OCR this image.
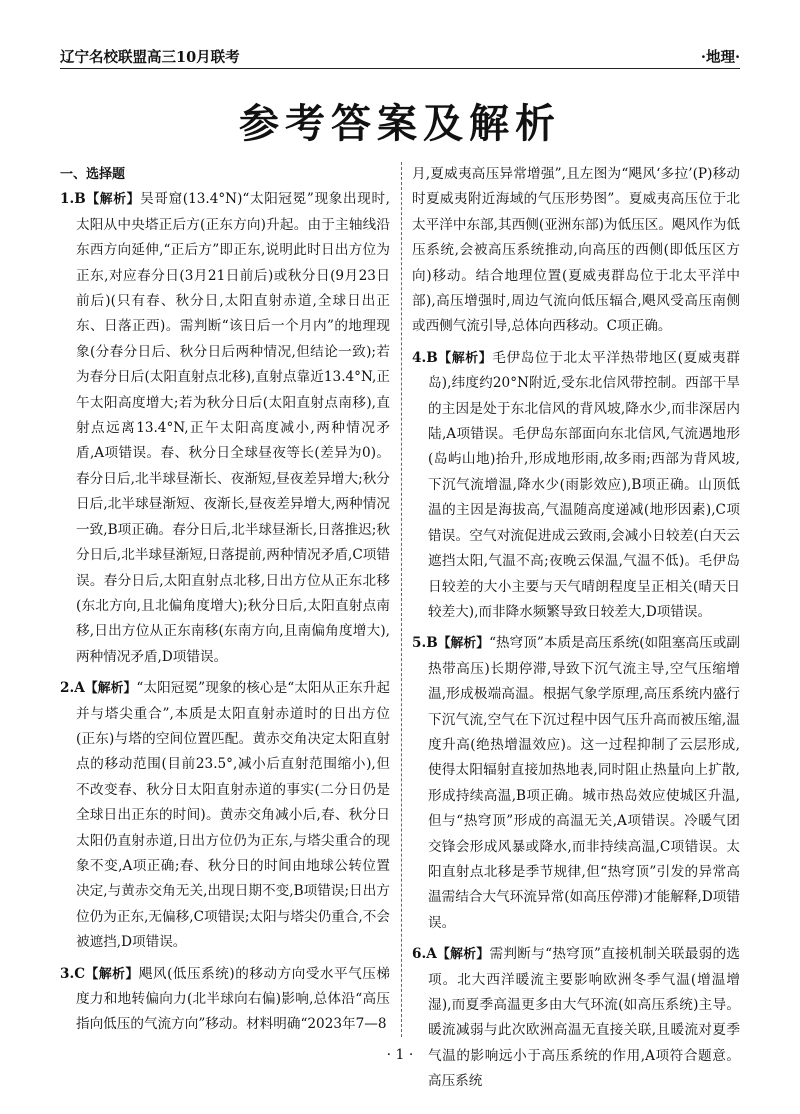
辽宁名校联盟高三10月联考	·地理·
参考答案及解析
一、选择题

1.B【解析】吴哥窟(13.4°N)“太阳冠冕”现象出现时,太阳从中央塔正后方(正东方向)升起。由于主轴线沿东西方向延伸,“正后方”即正东,说明此时日出方位为正东,对应春分日(3月21日前后)或秋分日(9月23日前后)(只有春、秋分日,太阳直射赤道,全球日出正东、日落正西)。需判断“该日后一个月内”的地理现象(分春分日后、秋分日后两种情况,但结论一致);若为春分日后(太阳直射点北移),直射点靠近13.4°N,正午太阳高度增大;若为秋分日后(太阳直射点南移),直射点远离13.4°N,正午太阳高度减小,两种情况矛盾,A项错误。春、秋分日全球昼夜等长(差异为0)。春分日后,北半球昼渐长、夜渐短,昼夜差异增大;秋分日后,北半球昼渐短、夜渐长,昼夜差异增大,两种情况一致,B项正确。春分日后,北半球昼渐长,日落推迟;秋分日后,北半球昼渐短,日落提前,两种情况矛盾,C项错误。春分日后,太阳直射点北移,日出方位从正东北移(东北方向,且北偏角度增大);秋分日后,太阳直射点南移,日出方位从正东南移(东南方向,且南偏角度增大),两种情况矛盾,D项错误。

2.A【解析】“太阳冠冕”现象的核心是“太阳从正东升起并与塔尖重合”,本质是太阳直射赤道时的日出方位(正东)与塔的空间位置匹配。黄赤交角决定太阳直射点的移动范围(目前23.5°,减小后直射范围缩小),但不改变春、秋分日太阳直射赤道的事实(二分日仍是全球日出正东的时间)。黄赤交角减小后,春、秋分日太阳仍直射赤道,日出方位仍为正东,与塔尖重合的现象不变,A项正确;春、秋分日的时间由地球公转位置决定,与黄赤交角无关,出现日期不变,B项错误;日出方位仍为正东,无偏移,C项错误;太阳与塔尖仍重合,不会被遮挡,D项错误。

3.C【解析】飓风(低压系统)的移动方向受水平气压梯度力和地转偏向力(北半球向右偏)影响,总体沿“高压指向低压的气流方向”移动。材料明确“2023年7—8

月,夏威夷高压异常增强”,且左图为“飓风‘多拉’(P)移动时夏威夷附近海域的气压形势图”。夏威夷高压位于北太平洋中东部,其西侧(亚洲东部)为低压区。飓风作为低压系统,会被高压系统推动,向高压的西侧(即低压区方向)移动。结合地理位置(夏威夷群岛位于北太平洋中部),高压增强时,周边气流向低压辐合,飓风受高压南侧或西侧气流引导,总体向西移动。C项正确。

4.B【解析】毛伊岛位于北太平洋热带地区(夏威夷群岛),纬度约20°N附近,受东北信风带控制。西部干旱的主因是处于东北信风的背风坡,降水少,而非深居内陆,A项错误。毛伊岛东部面向东北信风,气流遇地形(岛屿山地)抬升,形成地形雨,故多雨;西部为背风坡,下沉气流增温,降水少(雨影效应),B项正确。山顶低温的主因是海拔高,气温随高度递减(地形因素),C项错误。空气对流促进成云致雨,会减小日较差(白天云遮挡太阳,气温不高;夜晚云保温,气温不低)。毛伊岛日较差的大小主要与天气晴朗程度呈正相关(晴天日较差大),而非降水频繁导致日较差大,D项错误。

5.B【解析】“热穹顶”本质是高压系统(如阻塞高压或副热带高压)长期停滞,导致下沉气流主导,空气压缩增温,形成极端高温。根据气象学原理,高压系统内盛行下沉气流,空气在下沉过程中因气压升高而被压缩,温度升高(绝热增温效应)。这一过程抑制了云层形成,使得太阳辐射直接加热地表,同时阻止热量向上扩散,形成持续高温,B项正确。城市热岛效应使城区升温,但与“热穹顶”形成的高温无关,A项错误。冷暖气团交锋会形成风暴或降水,而非持续高温,C项错误。太阳直射点北移是季节规律,但“热穹顶”引发的异常高温需结合大气环流异常(如高压停滞)才能解释,D项错误。

6.A【解析】需判断与“热穹顶”直接机制关联最弱的选项。北大西洋暖流主要影响欧洲冬季气温(增温增湿),而夏季高温更多由大气环流(如高压系统)主导。暖流减弱与此次欧洲高温无直接关联,且暖流对夏季气温的影响远小于高压系统的作用,A项符合题意。高压系统

· 1 ·
